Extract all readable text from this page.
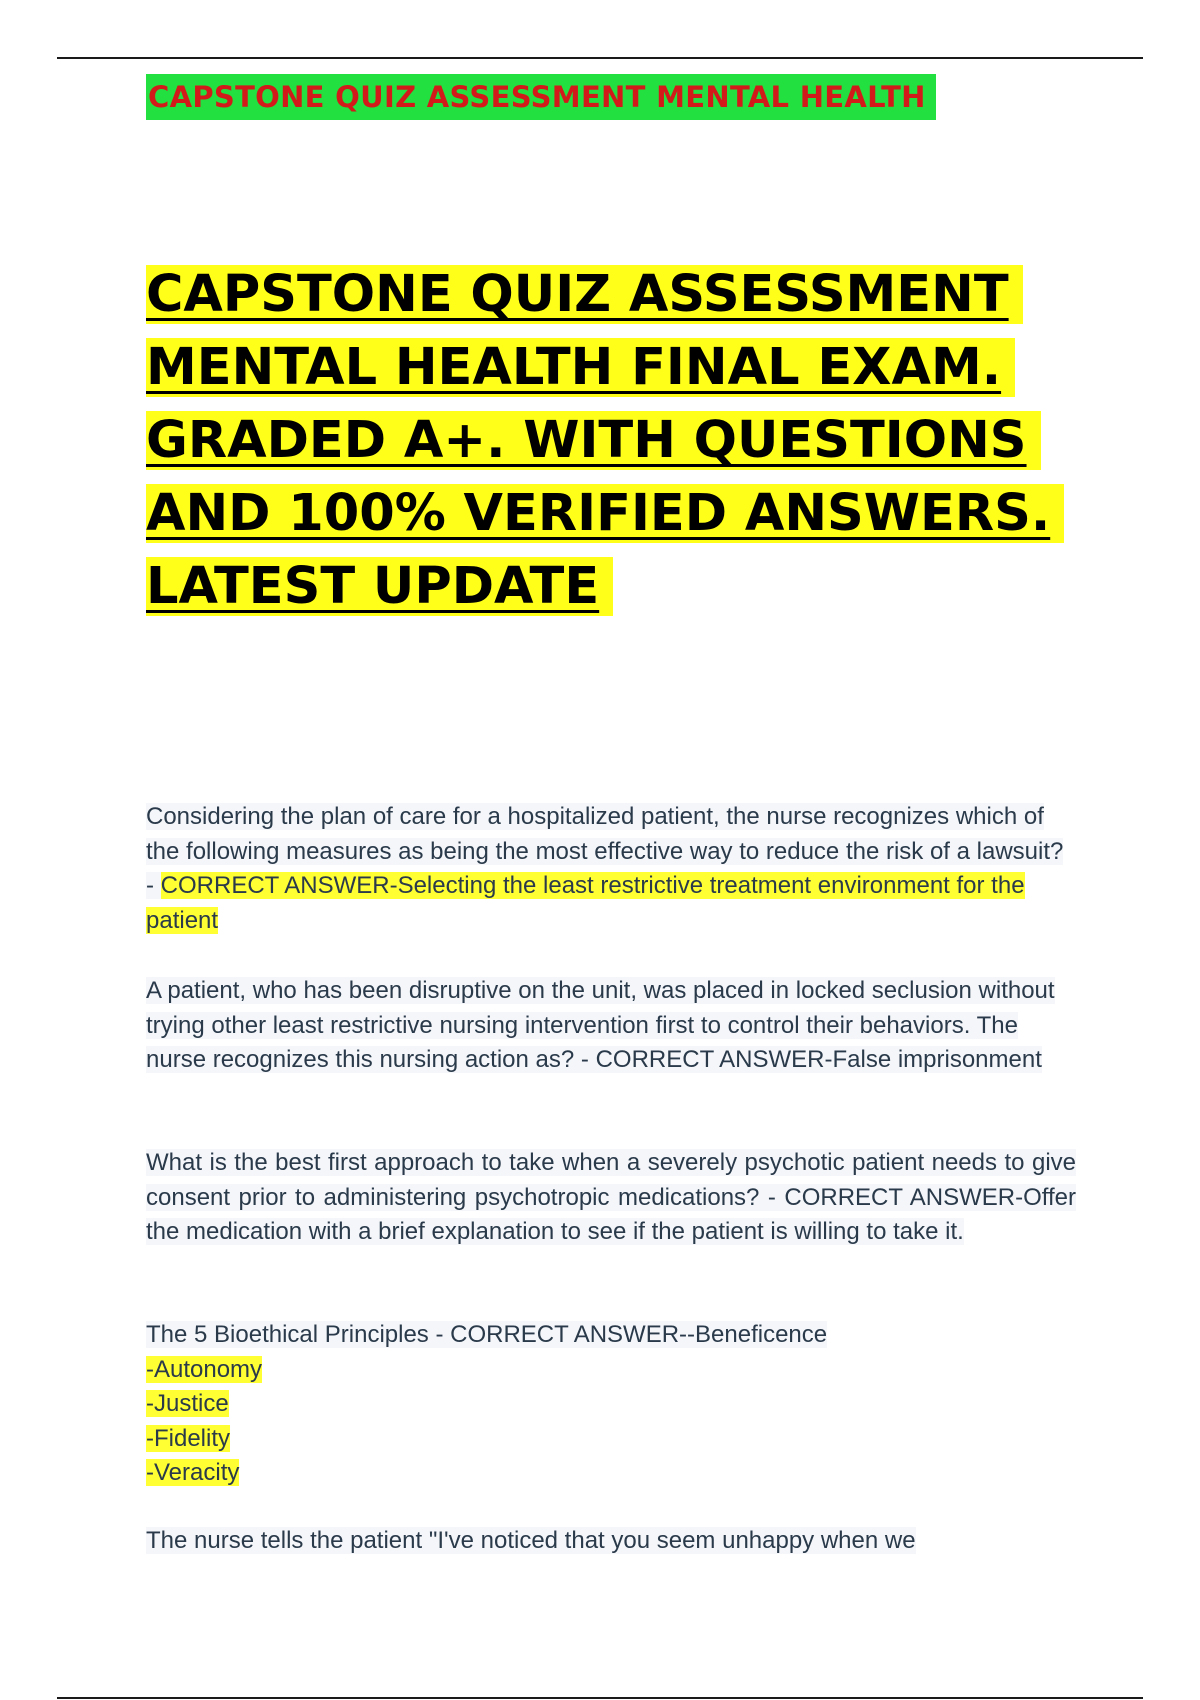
CAPSTONE QUIZ ASSESSMENT MENTAL HEALTH
CAPSTONE QUIZ ASSESSMENT
MENTAL HEALTH FINAL EXAM.
GRADED A+. WITH QUESTIONS
AND 100% VERIFIED ANSWERS.
LATEST UPDATE

Considering the plan of care for a hospitalized patient, the nurse recognizes which of the following measures as being the most effective way to reduce the risk of a lawsuit? - CORRECT ANSWER-Selecting the least restrictive treatment environment for the patient

A patient, who has been disruptive on the unit, was placed in locked seclusion without trying other least restrictive nursing intervention first to control their behaviors. The nurse recognizes this nursing action as? - CORRECT ANSWER-False imprisonment

What is the best first approach to take when a severely psychotic patient needs to give consent prior to administering psychotropic medications? - CORRECT ANSWER-Offer the medication with a brief explanation to see if the patient is willing to take it.

The 5 Bioethical Principles - CORRECT ANSWER--Beneficence
-Autonomy
-Justice
-Fidelity
-Veracity

The nurse tells the patient "I've noticed that you seem unhappy when we
